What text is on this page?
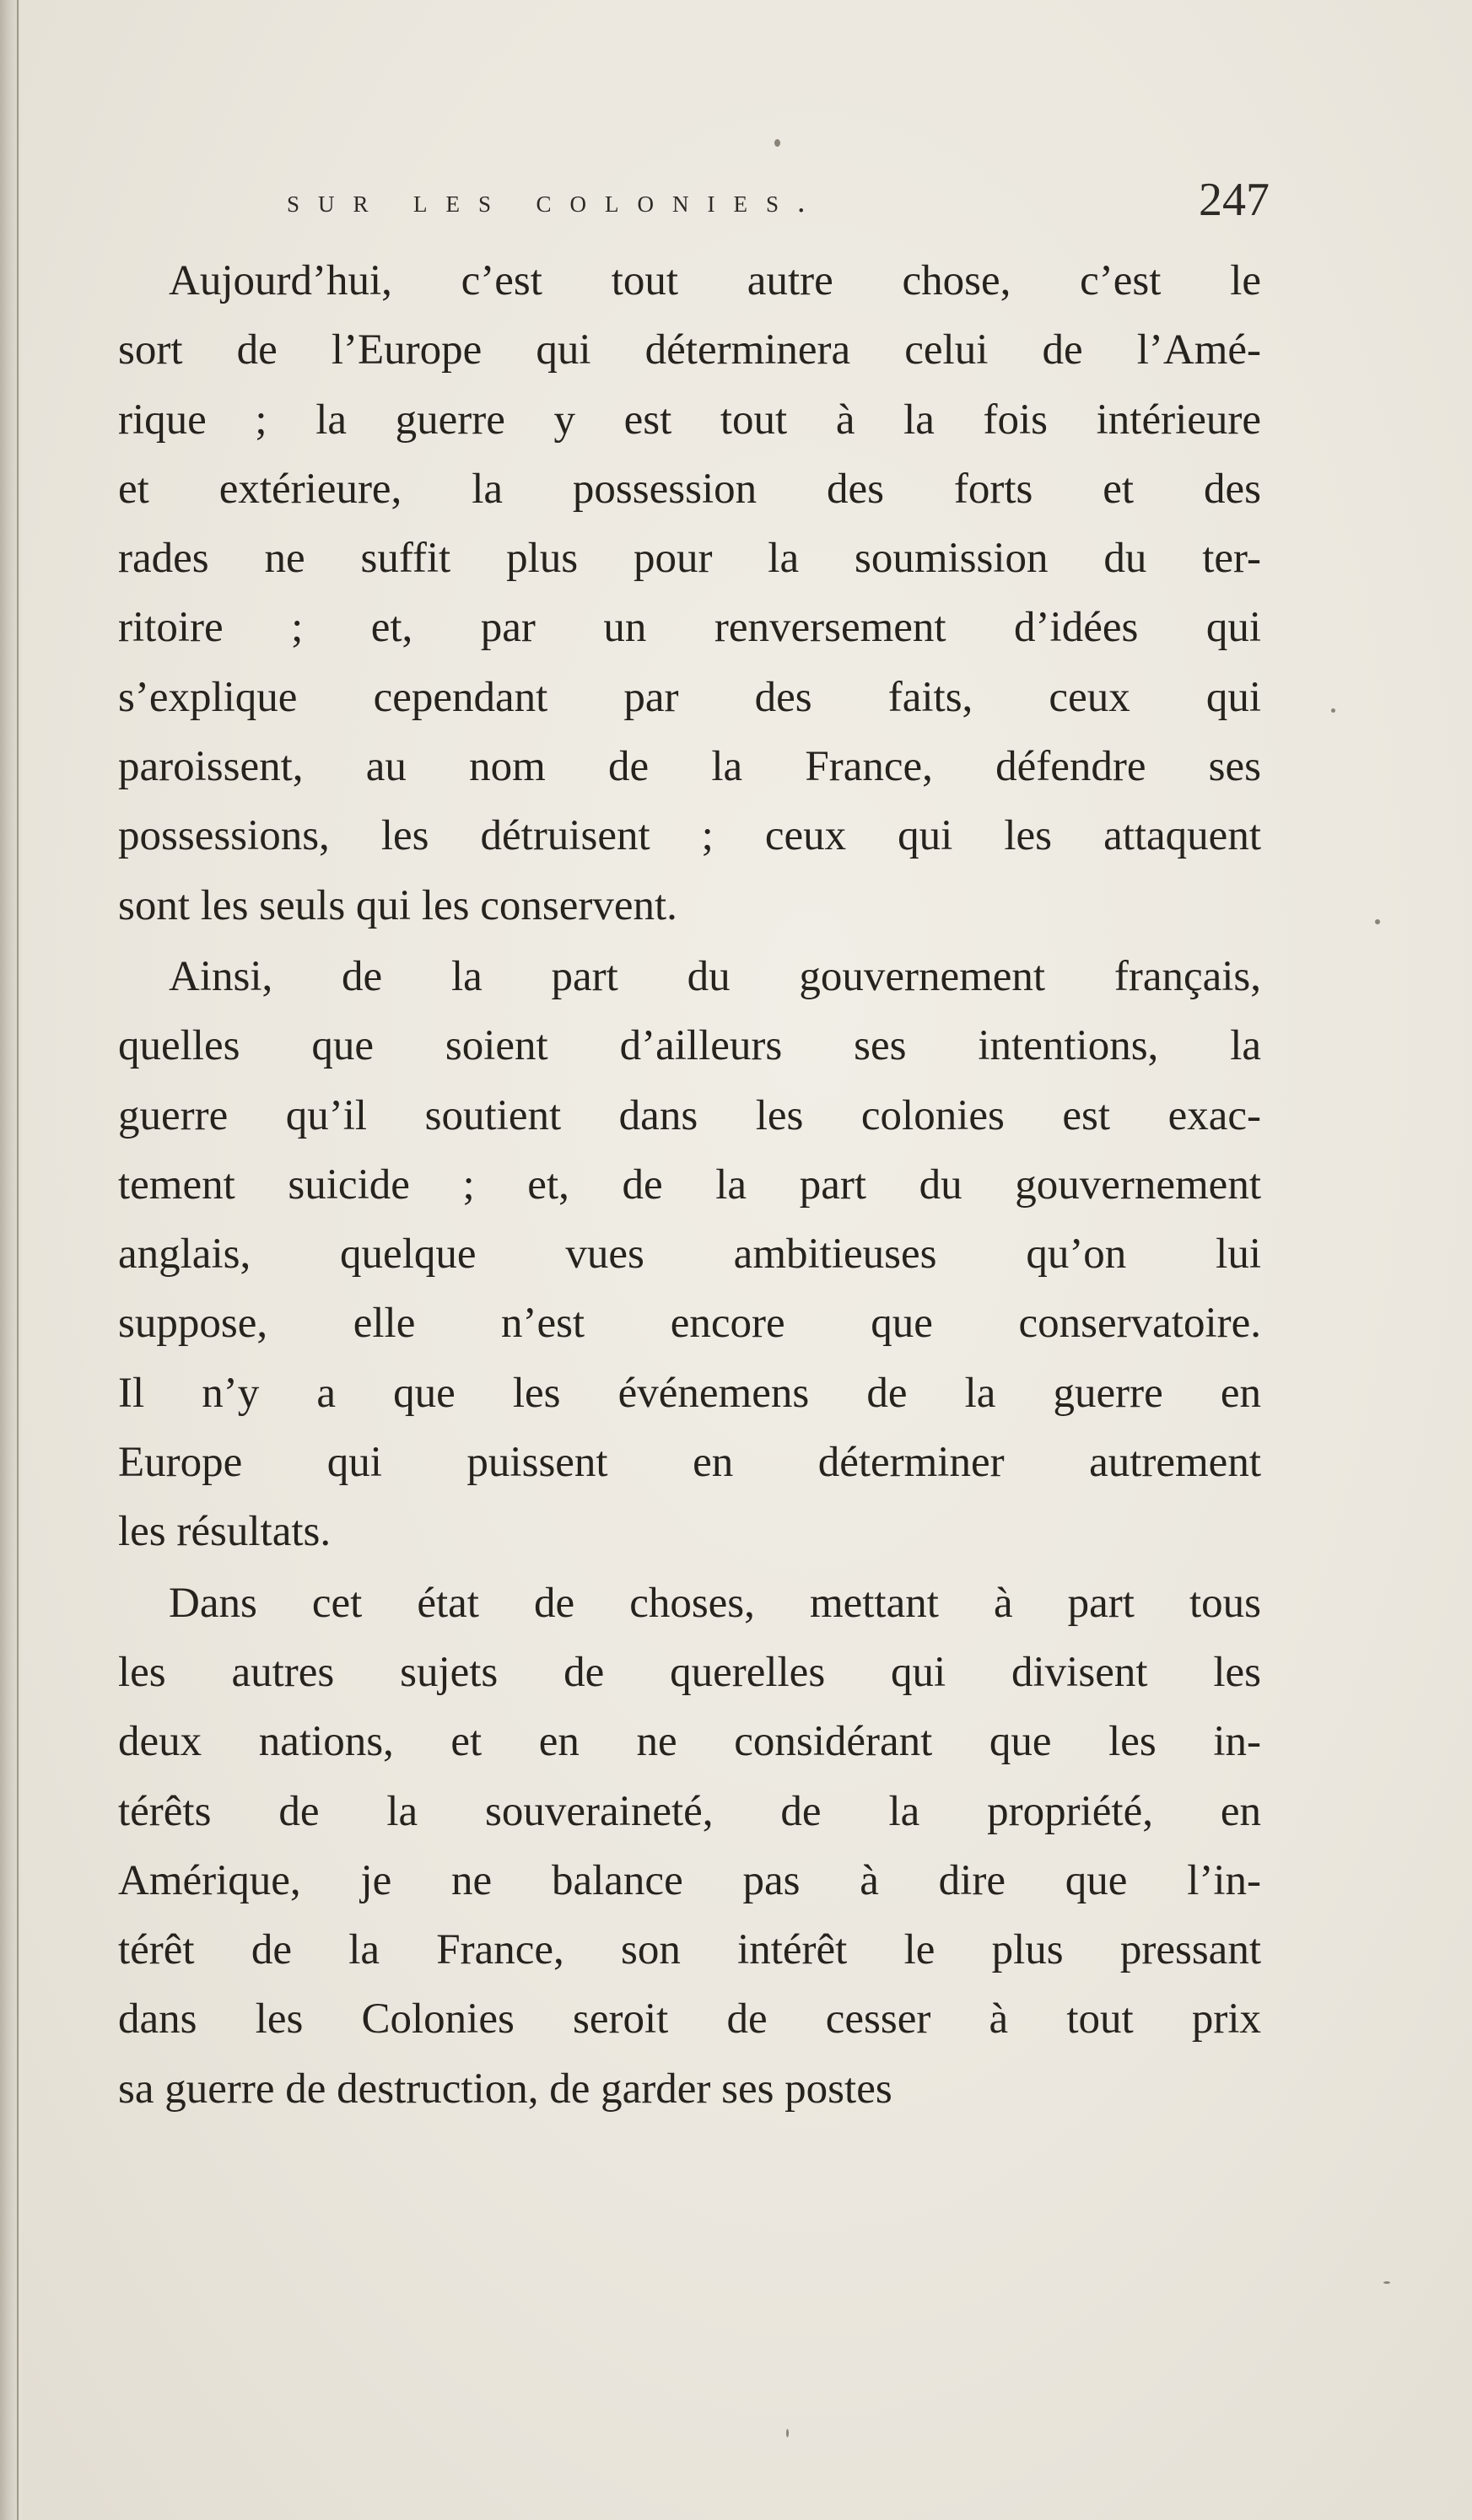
sur les colonies.	247
Aujourd’hui, c’est tout autre chose, c’est le
sort de l’Europe qui déterminera celui de l’Amé-
rique ; la guerre y est tout à la fois intérieure
et extérieure, la possession des forts et des
rades ne suffit plus pour la soumission du ter-
ritoire ; et, par un renversement d’idées qui
s’explique cependant par des faits, ceux qui
paroissent, au nom de la France, défendre ses
possessions, les détruisent ; ceux qui les attaquent
sont les seuls qui les conservent.
Ainsi, de la part du gouvernement français,
quelles que soient d’ailleurs ses intentions, la
guerre qu’il soutient dans les colonies est exac-
tement suicide ; et, de la part du gouvernement
anglais, quelque vues ambitieuses qu’on lui
suppose, elle n’est encore que conservatoire.
Il n’y a que les événemens de la guerre en
Europe qui puissent en déterminer autrement
les résultats.
Dans cet état de choses, mettant à part tous
les autres sujets de querelles qui divisent les
deux nations, et en ne considérant que les in-
térêts de la souveraineté, de la propriété, en
Amérique, je ne balance pas à dire que l’in-
térêt de la France, son intérêt le plus pressant
dans les Colonies seroit de cesser à tout prix
sa guerre de destruction, de garder ses postes
